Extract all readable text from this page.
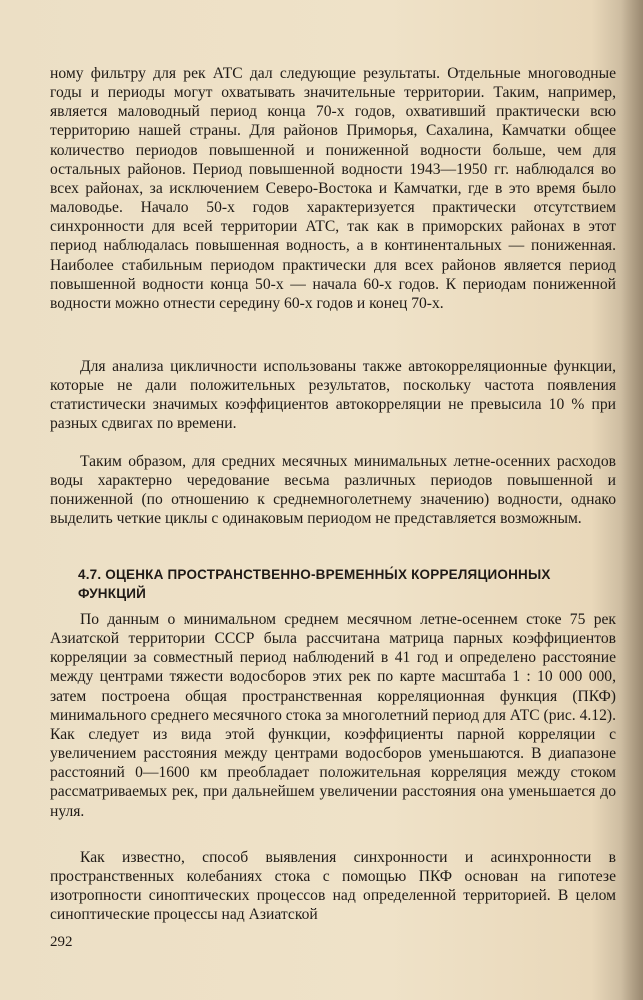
ному фильтру для рек АТС дал следующие результаты. Отдельные многоводные годы и периоды могут охватывать значительные территории. Таким, например, является маловодный период конца 70-х годов, охвативший практически всю территорию нашей страны. Для районов Приморья, Сахалина, Камчатки общее количество периодов повышенной и пониженной водности больше, чем для остальных районов. Период повышенной водности 1943—1950 гг. наблюдался во всех районах, за исключением Северо-Востока и Камчатки, где в это время было маловодье. Начало 50-х годов характеризуется практически отсутствием синхронности для всей территории АТС, так как в приморских районах в этот период наблюдалась повышенная водность, а в континентальных — пониженная. Наиболее стабильным периодом практически для всех районов является период повышенной водности конца 50-х — начала 60-х годов. К периодам пониженной водности можно отнести середину 60-х годов и конец 70-х.

Для анализа цикличности использованы также автокорреляционные функции, которые не дали положительных результатов, поскольку частота появления статистически значимых коэффициентов автокорреляции не превысила 10 % при разных сдвигах по времени.

Таким образом, для средних месячных минимальных летне-осенних расходов воды характерно чередование весьма различных периодов повышенной и пониженной (по отношению к среднемноголетнему значению) водности, однако выделить четкие циклы с одинаковым периодом не представляется возможным.

4.7. ОЦЕНКА ПРОСТРАНСТВЕННО-ВРЕМЕННЫ́Х КОРРЕЛЯЦИОННЫХ ФУНКЦИЙ

По данным о минимальном среднем месячном летне-осеннем стоке 75 рек Азиатской территории СССР была рассчитана матрица парных коэффициентов корреляции за совместный период наблюдений в 41 год и определено расстояние между центрами тяжести водосборов этих рек по карте масштаба 1 : 10 000 000, затем построена общая пространственная корреляционная функция (ПКФ) минимального среднего месячного стока за многолетний период для АТС (рис. 4.12). Как следует из вида этой функции, коэффициенты парной корреляции с увеличением расстояния между центрами водосборов уменьшаются. В диапазоне расстояний 0—1600 км преобладает положительная корреляция между стоком рассматриваемых рек, при дальнейшем увеличении расстояния она уменьшается до нуля.

Как известно, способ выявления синхронности и асинхронности в пространственных колебаниях стока с помощью ПКФ основан на гипотезе изотропности синоптических процессов над определенной территорией. В целом синоптические процессы над Азиатской

292
